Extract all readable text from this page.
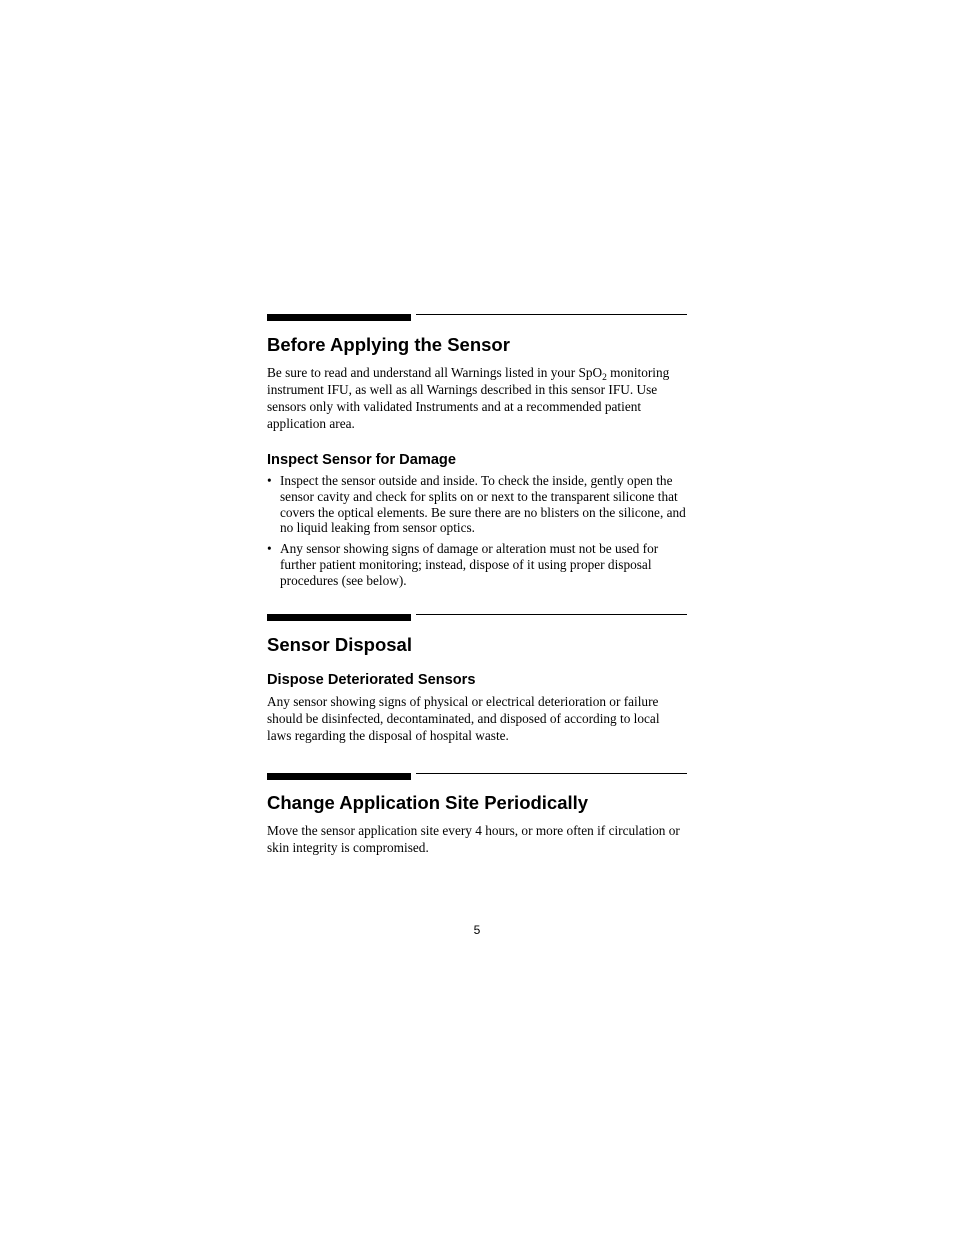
Before Applying the Sensor

Be sure to read and understand all Warnings listed in your SpO$_2$ monitoring instrument IFU, as well as all Warnings described in this sensor IFU. Use sensors only with validated Instruments and at a recommended patient application area.

Inspect Sensor for Damage
• Inspect the sensor outside and inside. To check the inside, gently open the sensor cavity and check for splits on or next to the transparent silicone that covers the optical elements. Be sure there are no blisters on the silicone, and no liquid leaking from sensor optics.
• Any sensor showing signs of damage or alteration must not be used for further patient monitoring; instead, dispose of it using proper disposal procedures (see below).
Sensor Disposal
Dispose Deteriorated Sensors

Any sensor showing signs of physical or electrical deterioration or failure should be disinfected, decontaminated, and disposed of according to local laws regarding the disposal of hospital waste.

Change Application Site Periodically

Move the sensor application site every 4 hours, or more often if circulation or skin integrity is compromised.

5
